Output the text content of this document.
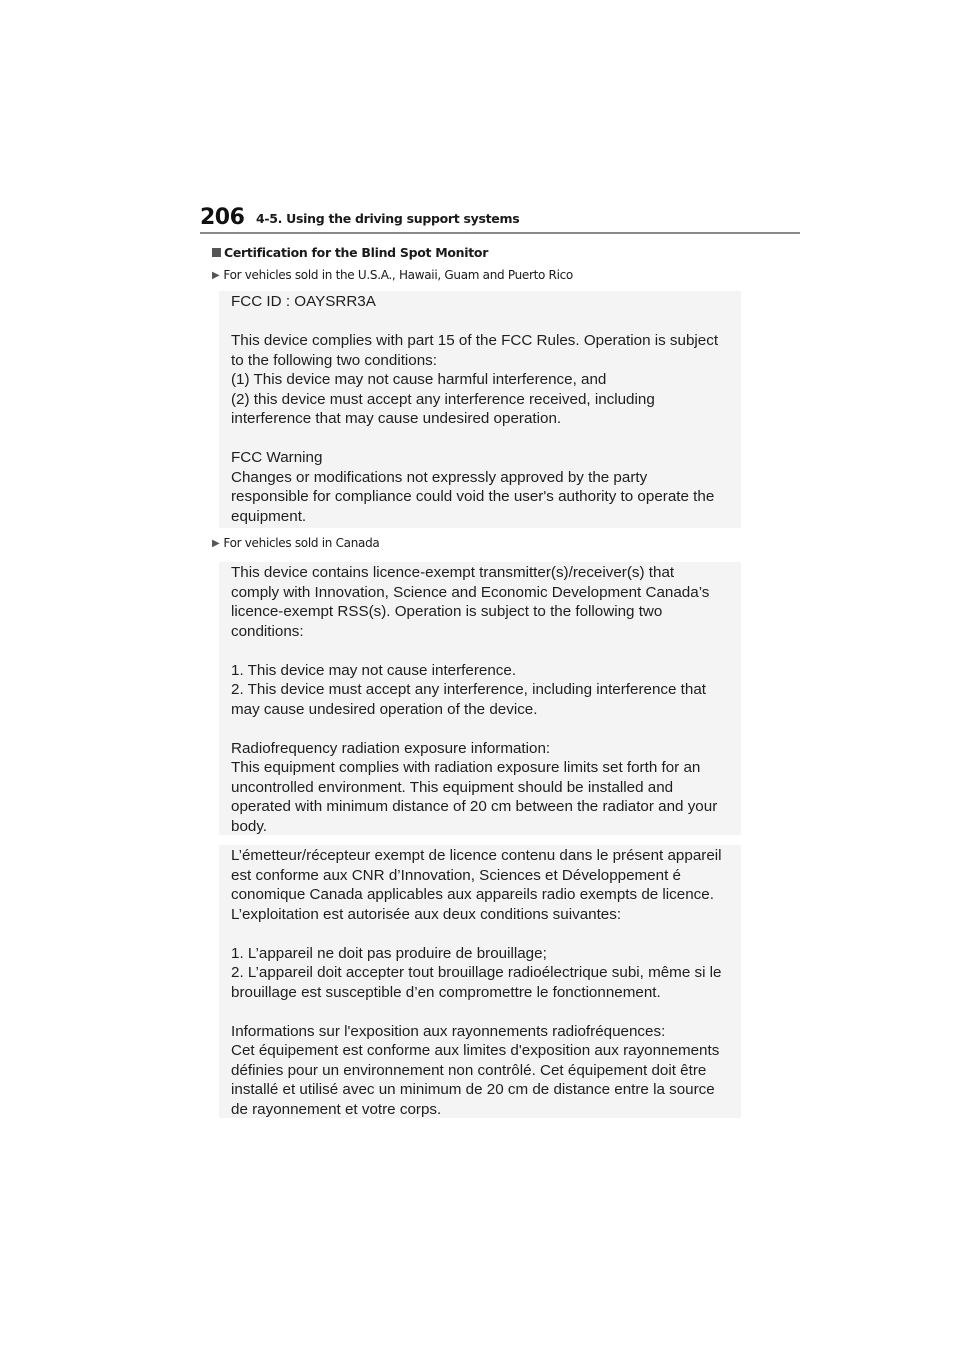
206 4-5. Using the driving support systems
Certification for the Blind Spot Monitor
▶ For vehicles sold in the U.S.A., Hawaii, Guam and Puerto Rico

FCC ID : OAYSRR3A

This device complies with part 15 of the FCC Rules. Operation is subject

to the following two conditions:

(1) This device may not cause harmful interference, and

(2) this device must accept any interference received, including

interference that may cause undesired operation.

FCC Warning

Changes or modifications not expressly approved by the party

responsible for compliance could void the user's authority to operate the

equipment.

▶ For vehicles sold in Canada

This device contains licence-exempt transmitter(s)/receiver(s) that

comply with Innovation, Science and Economic Development Canada’s

licence-exempt RSS(s). Operation is subject to the following two

conditions:

1. This device may not cause interference.

2. This device must accept any interference, including interference that

may cause undesired operation of the device.

Radiofrequency radiation exposure information:

This equipment complies with radiation exposure limits set forth for an

uncontrolled environment. This equipment should be installed and

operated with minimum distance of 20 cm between the radiator and your

body.

L’émetteur/récepteur exempt de licence contenu dans le présent appareil

est conforme aux CNR d’Innovation, Sciences et Développement é

conomique Canada applicables aux appareils radio exempts de licence.

L’exploitation est autorisée aux deux conditions suivantes:

1. L’appareil ne doit pas produire de brouillage;

2. L’appareil doit accepter tout brouillage radioélectrique subi, même si le

brouillage est susceptible d’en compromettre le fonctionnement.

Informations sur l'exposition aux rayonnements radiofréquences:

Cet équipement est conforme aux limites d'exposition aux rayonnements

définies pour un environnement non contrôlé. Cet équipement doit être

installé et utilisé avec un minimum de 20 cm de distance entre la source

de rayonnement et votre corps.
